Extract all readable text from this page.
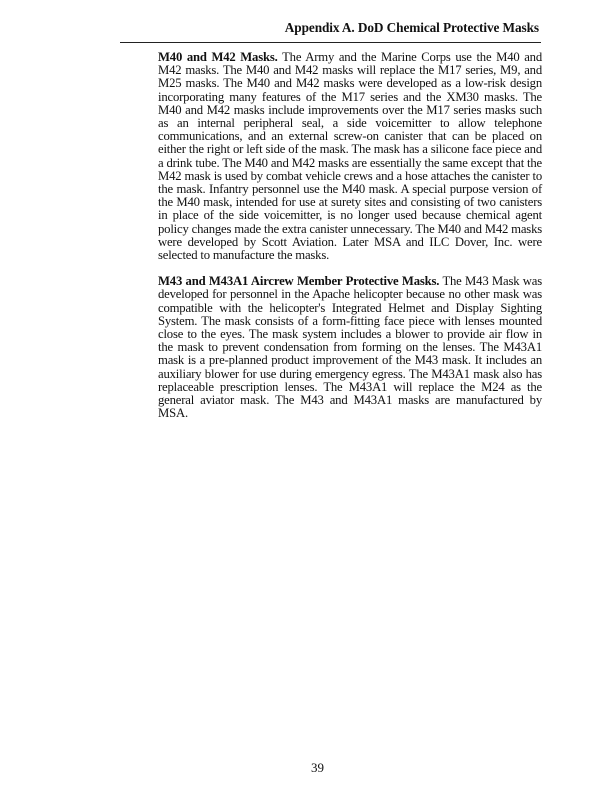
Appendix A. DoD Chemical Protective Masks

M40 and M42 Masks. The Army and the Marine Corps use the M40 and M42 masks. The M40 and M42 masks will replace the M17 series, M9, and M25 masks. The M40 and M42 masks were developed as a low-risk design incorporating many features of the M17 series and the XM30 masks. The M40 and M42 masks include improvements over the M17 series masks such as an internal peripheral seal, a side voicemitter to allow telephone communications, and an external screw-on canister that can be placed on either the right or left side of the mask. The mask has a silicone face piece and a drink tube. The M40 and M42 masks are essentially the same except that the M42 mask is used by combat vehicle crews and a hose attaches the canister to the mask. Infantry personnel use the M40 mask. A special purpose version of the M40 mask, intended for use at surety sites and consisting of two canisters in place of the side voicemitter, is no longer used because chemical agent policy changes made the extra canister unnecessary. The M40 and M42 masks were developed by Scott Aviation. Later MSA and ILC Dover, Inc. were selected to manufacture the masks.

M43 and M43A1 Aircrew Member Protective Masks. The M43 Mask was developed for personnel in the Apache helicopter because no other mask was compatible with the helicopter's Integrated Helmet and Display Sighting System. The mask consists of a form-fitting face piece with lenses mounted close to the eyes. The mask system includes a blower to provide air flow in the mask to prevent condensation from forming on the lenses. The M43A1 mask is a pre-planned product improvement of the M43 mask. It includes an auxiliary blower for use during emergency egress. The M43A1 mask also has replaceable prescription lenses. The M43A1 will replace the M24 as the general aviator mask. The M43 and M43A1 masks are manufactured by MSA.

39
